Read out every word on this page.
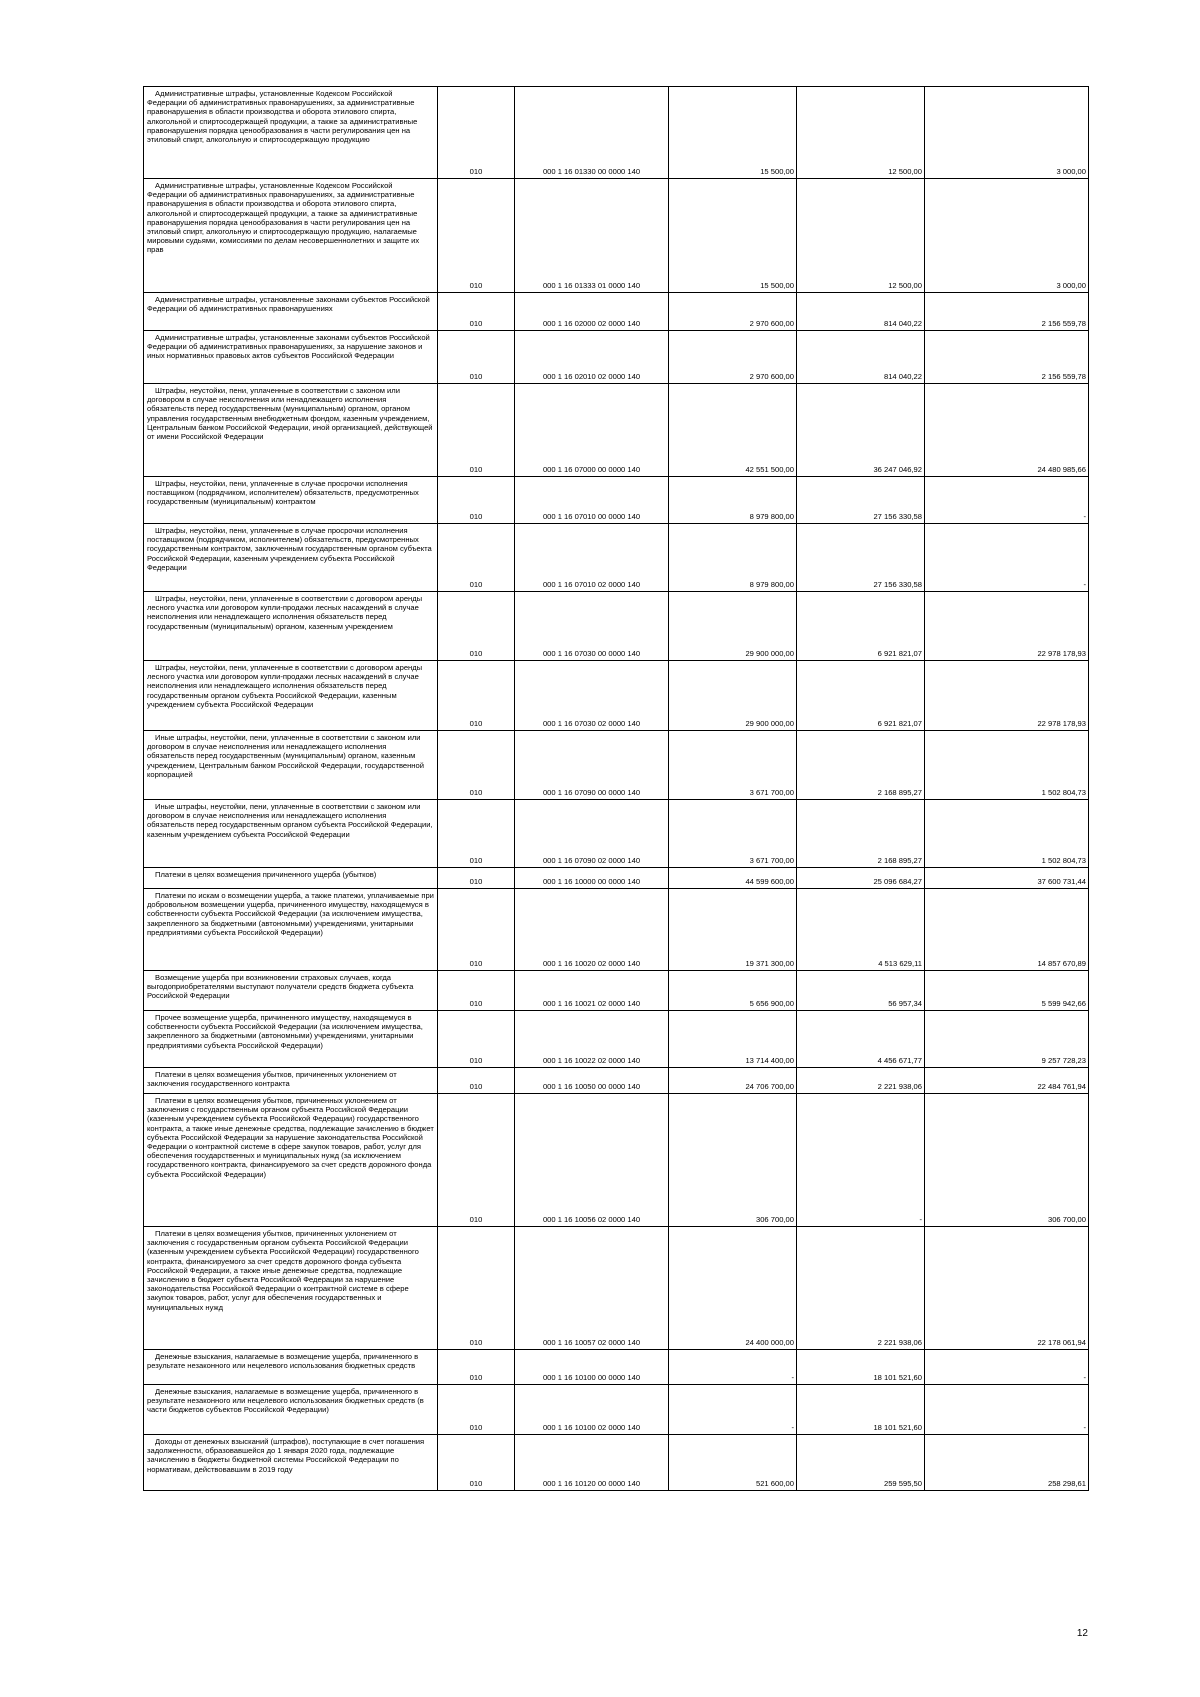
Административные штрафы, установленные Кодексом Российской Федерации об административных правонарушениях, за административные правонарушения в области производства и оборота этилового спирта, алкогольной и спиртосодержащей продукции, а также за административные правонарушения порядка ценообразования в части регулирования цен на этиловый спирт, алкогольную и спиртосодержащую продукцию	010	000 1 16 01330 00 0000 140	15 500,00	12 500,00	3 000,00
Административные штрафы, установленные Кодексом Российской Федерации об административных правонарушениях, за административные правонарушения в области производства и оборота этилового спирта, алкогольной и спиртосодержащей продукции, а также за административные правонарушения порядка ценообразования в части регулирования цен на этиловый спирт, алкогольную и спиртосодержащую продукцию, налагаемые мировыми судьями, комиссиями по делам несовершеннолетних и защите их прав	010	000 1 16 01333 01 0000 140	15 500,00	12 500,00	3 000,00
Административные штрафы, установленные законами субъектов Российской Федерации об административных правонарушениях	010	000 1 16 02000 02 0000 140	2 970 600,00	814 040,22	2 156 559,78
Административные штрафы, установленные законами субъектов Российской Федерации об административных правонарушениях, за нарушение законов и иных нормативных правовых актов субъектов Российской Федерации	010	000 1 16 02010 02 0000 140	2 970 600,00	814 040,22	2 156 559,78
Штрафы, неустойки, пени, уплаченные в соответствии с законом или договором в случае неисполнения или ненадлежащего исполнения обязательств перед государственным (муниципальным) органом, органом управления государственным внебюджетным фондом, казенным учреждением, Центральным банком Российской Федерации, иной организацией, действующей от имени Российской Федерации	010	000 1 16 07000 00 0000 140	42 551 500,00	36 247 046,92	24 480 985,66
Штрафы, неустойки, пени, уплаченные в случае просрочки исполнения поставщиком (подрядчиком, исполнителем) обязательств, предусмотренных государственным (муниципальным) контрактом	010	000 1 16 07010 00 0000 140	8 979 800,00	27 156 330,58	-
Штрафы, неустойки, пени, уплаченные в случае просрочки исполнения поставщиком (подрядчиком, исполнителем) обязательств, предусмотренных государственным контрактом, заключенным государственным органом субъекта Российской Федерации, казенным учреждением субъекта Российской Федерации	010	000 1 16 07010 02 0000 140	8 979 800,00	27 156 330,58	-
Штрафы, неустойки, пени, уплаченные в соответствии с договором аренды лесного участка или договором купли-продажи лесных насаждений в случае неисполнения или ненадлежащего исполнения обязательств перед государственным (муниципальным) органом, казенным учреждением	010	000 1 16 07030 00 0000 140	29 900 000,00	6 921 821,07	22 978 178,93
Штрафы, неустойки, пени, уплаченные в соответствии с договором аренды лесного участка или договором купли-продажи лесных насаждений в случае неисполнения или ненадлежащего исполнения обязательств перед государственным органом субъекта Российской Федерации, казенным учреждением субъекта Российской Федерации	010	000 1 16 07030 02 0000 140	29 900 000,00	6 921 821,07	22 978 178,93
Иные штрафы, неустойки, пени, уплаченные в соответствии с законом или договором в случае неисполнения или ненадлежащего исполнения обязательств перед государственным (муниципальным) органом, казенным учреждением, Центральным банком Российской Федерации, государственной корпорацией	010	000 1 16 07090 00 0000 140	3 671 700,00	2 168 895,27	1 502 804,73
Иные штрафы, неустойки, пени, уплаченные в соответствии с законом или договором в случае неисполнения или ненадлежащего исполнения обязательств перед государственным органом субъекта Российской Федерации, казенным учреждением субъекта Российской Федерации	010	000 1 16 07090 02 0000 140	3 671 700,00	2 168 895,27	1 502 804,73
Платежи в целях возмещения причиненного ущерба (убытков)	010	000 1 16 10000 00 0000 140	44 599 600,00	25 096 684,27	37 600 731,44
Платежи по искам о возмещении ущерба, а также платежи, уплачиваемые при добровольном возмещении ущерба, причиненного имуществу, находящемуся в собственности субъекта Российской Федерации (за исключением имущества, закрепленного за бюджетными (автономными) учреждениями, унитарными предприятиями субъекта Российской Федерации)	010	000 1 16 10020 02 0000 140	19 371 300,00	4 513 629,11	14 857 670,89
Возмещение ущерба при возникновении страховых случаев, когда выгодоприобретателями выступают получатели средств бюджета субъекта Российской Федерации	010	000 1 16 10021 02 0000 140	5 656 900,00	56 957,34	5 599 942,66
Прочее возмещение ущерба, причиненного имуществу, находящемуся в собственности субъекта Российской Федерации (за исключением имущества, закрепленного за бюджетными (автономными) учреждениями, унитарными предприятиями субъекта Российской Федерации)	010	000 1 16 10022 02 0000 140	13 714 400,00	4 456 671,77	9 257 728,23
Платежи в целях возмещения убытков, причиненных уклонением от заключения государственного контракта	010	000 1 16 10050 00 0000 140	24 706 700,00	2 221 938,06	22 484 761,94
Платежи в целях возмещения убытков, причиненных уклонением от заключения с государственным органом субъекта Российской Федерации (казенным учреждением субъекта Российской Федерации) государственного контракта, а также иные денежные средства, подлежащие зачислению в бюджет субъекта Российской Федерации за нарушение законодательства Российской Федерации о контрактной системе в сфере закупок товаров, работ, услуг для обеспечения государственных и муниципальных нужд (за исключением государственного контракта, финансируемого за счет средств дорожного фонда субъекта Российской Федерации)	010	000 1 16 10056 02 0000 140	306 700,00	-	306 700,00
Платежи в целях возмещения убытков, причиненных уклонением от заключения с государственным органом субъекта Российской Федерации (казенным учреждением субъекта Российской Федерации) государственного контракта, финансируемого за счет средств дорожного фонда субъекта Российской Федерации, а также иные денежные средства, подлежащие зачислению в бюджет субъекта Российской Федерации за нарушение законодательства Российской Федерации о контрактной системе в сфере закупок товаров, работ, услуг для обеспечения государственных и муниципальных нужд	010	000 1 16 10057 02 0000 140	24 400 000,00	2 221 938,06	22 178 061,94
Денежные взыскания, налагаемые в возмещение ущерба, причиненного в результате незаконного или нецелевого использования бюджетных средств	010	000 1 16 10100 00 0000 140	-	18 101 521,60	-
Денежные взыскания, налагаемые в возмещение ущерба, причиненного в результате незаконного или нецелевого использования бюджетных средств (в части бюджетов субъектов Российской Федерации)	010	000 1 16 10100 02 0000 140	-	18 101 521,60	-
Доходы от денежных взысканий (штрафов), поступающие в счет погашения задолженности, образовавшейся до 1 января 2020 года, подлежащие зачислению в бюджеты бюджетной системы Российской Федерации по нормативам, действовавшим в 2019 году	010	000 1 16 10120 00 0000 140	521 600,00	259 595,50	258 298,61
12
